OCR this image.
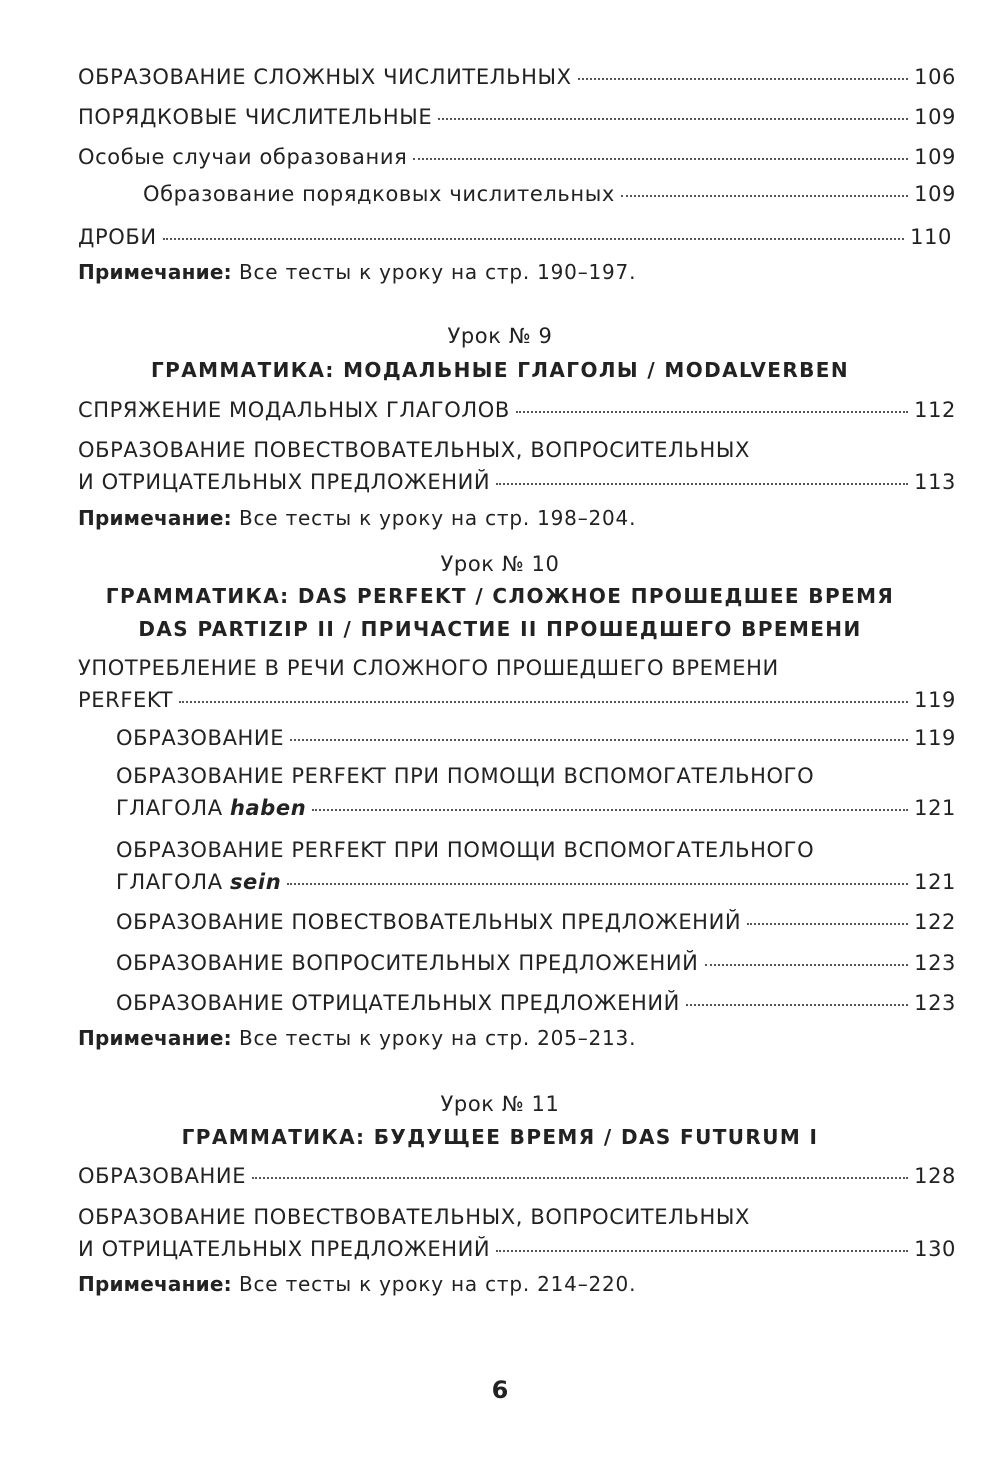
ОБРАЗОВАНИЕ СЛОЖНЫХ ЧИСЛИТЕЛЬНЫХ	106
ПОРЯДКОВЫЕ ЧИСЛИТЕЛЬНЫЕ	109
Особые случаи образования	109
Образование порядковых числительных	109
ДРОБИ	110
Примечание: Все тесты к уроку на стр. 190–197.
Урок № 9
ГРАММАТИКА: МОДАЛЬНЫЕ ГЛАГОЛЫ / MODALVERBEN
СПРЯЖЕНИЕ МОДАЛЬНЫХ ГЛАГОЛОВ	112
ОБРАЗОВАНИЕ ПОВЕСТВОВАТЕЛЬНЫХ, ВОПРОСИТЕЛЬНЫХ
И ОТРИЦАТЕЛЬНЫХ ПРЕДЛОЖЕНИЙ	113
Примечание: Все тесты к уроку на стр. 198–204.
Урок № 10
ГРАММАТИКА: DAS PERFEKT / СЛОЖНОЕ ПРОШЕДШЕЕ ВРЕМЯ
DAS PARTIZIP II / ПРИЧАСТИЕ II ПРОШЕДШЕГО ВРЕМЕНИ
УПОТРЕБЛЕНИЕ В РЕЧИ СЛОЖНОГО ПРОШЕДШЕГО ВРЕМЕНИ
PERFEKT	119
ОБРАЗОВАНИЕ	119
ОБРАЗОВАНИЕ PERFEKT ПРИ ПОМОЩИ ВСПОМОГАТЕЛЬНОГО
ГЛАГОЛА haben	121
ОБРАЗОВАНИЕ PERFEKT ПРИ ПОМОЩИ ВСПОМОГАТЕЛЬНОГО
ГЛАГОЛА sein	121
ОБРАЗОВАНИЕ ПОВЕСТВОВАТЕЛЬНЫХ ПРЕДЛОЖЕНИЙ	122
ОБРАЗОВАНИЕ ВОПРОСИТЕЛЬНЫХ ПРЕДЛОЖЕНИЙ	123
ОБРАЗОВАНИЕ ОТРИЦАТЕЛЬНЫХ ПРЕДЛОЖЕНИЙ	123
Примечание: Все тесты к уроку на стр. 205–213.
Урок № 11
ГРАММАТИКА: БУДУЩЕЕ ВРЕМЯ / DAS FUTURUM I
ОБРАЗОВАНИЕ	128
ОБРАЗОВАНИЕ ПОВЕСТВОВАТЕЛЬНЫХ, ВОПРОСИТЕЛЬНЫХ
И ОТРИЦАТЕЛЬНЫХ ПРЕДЛОЖЕНИЙ	130
Примечание: Все тесты к уроку на стр. 214–220.
6
